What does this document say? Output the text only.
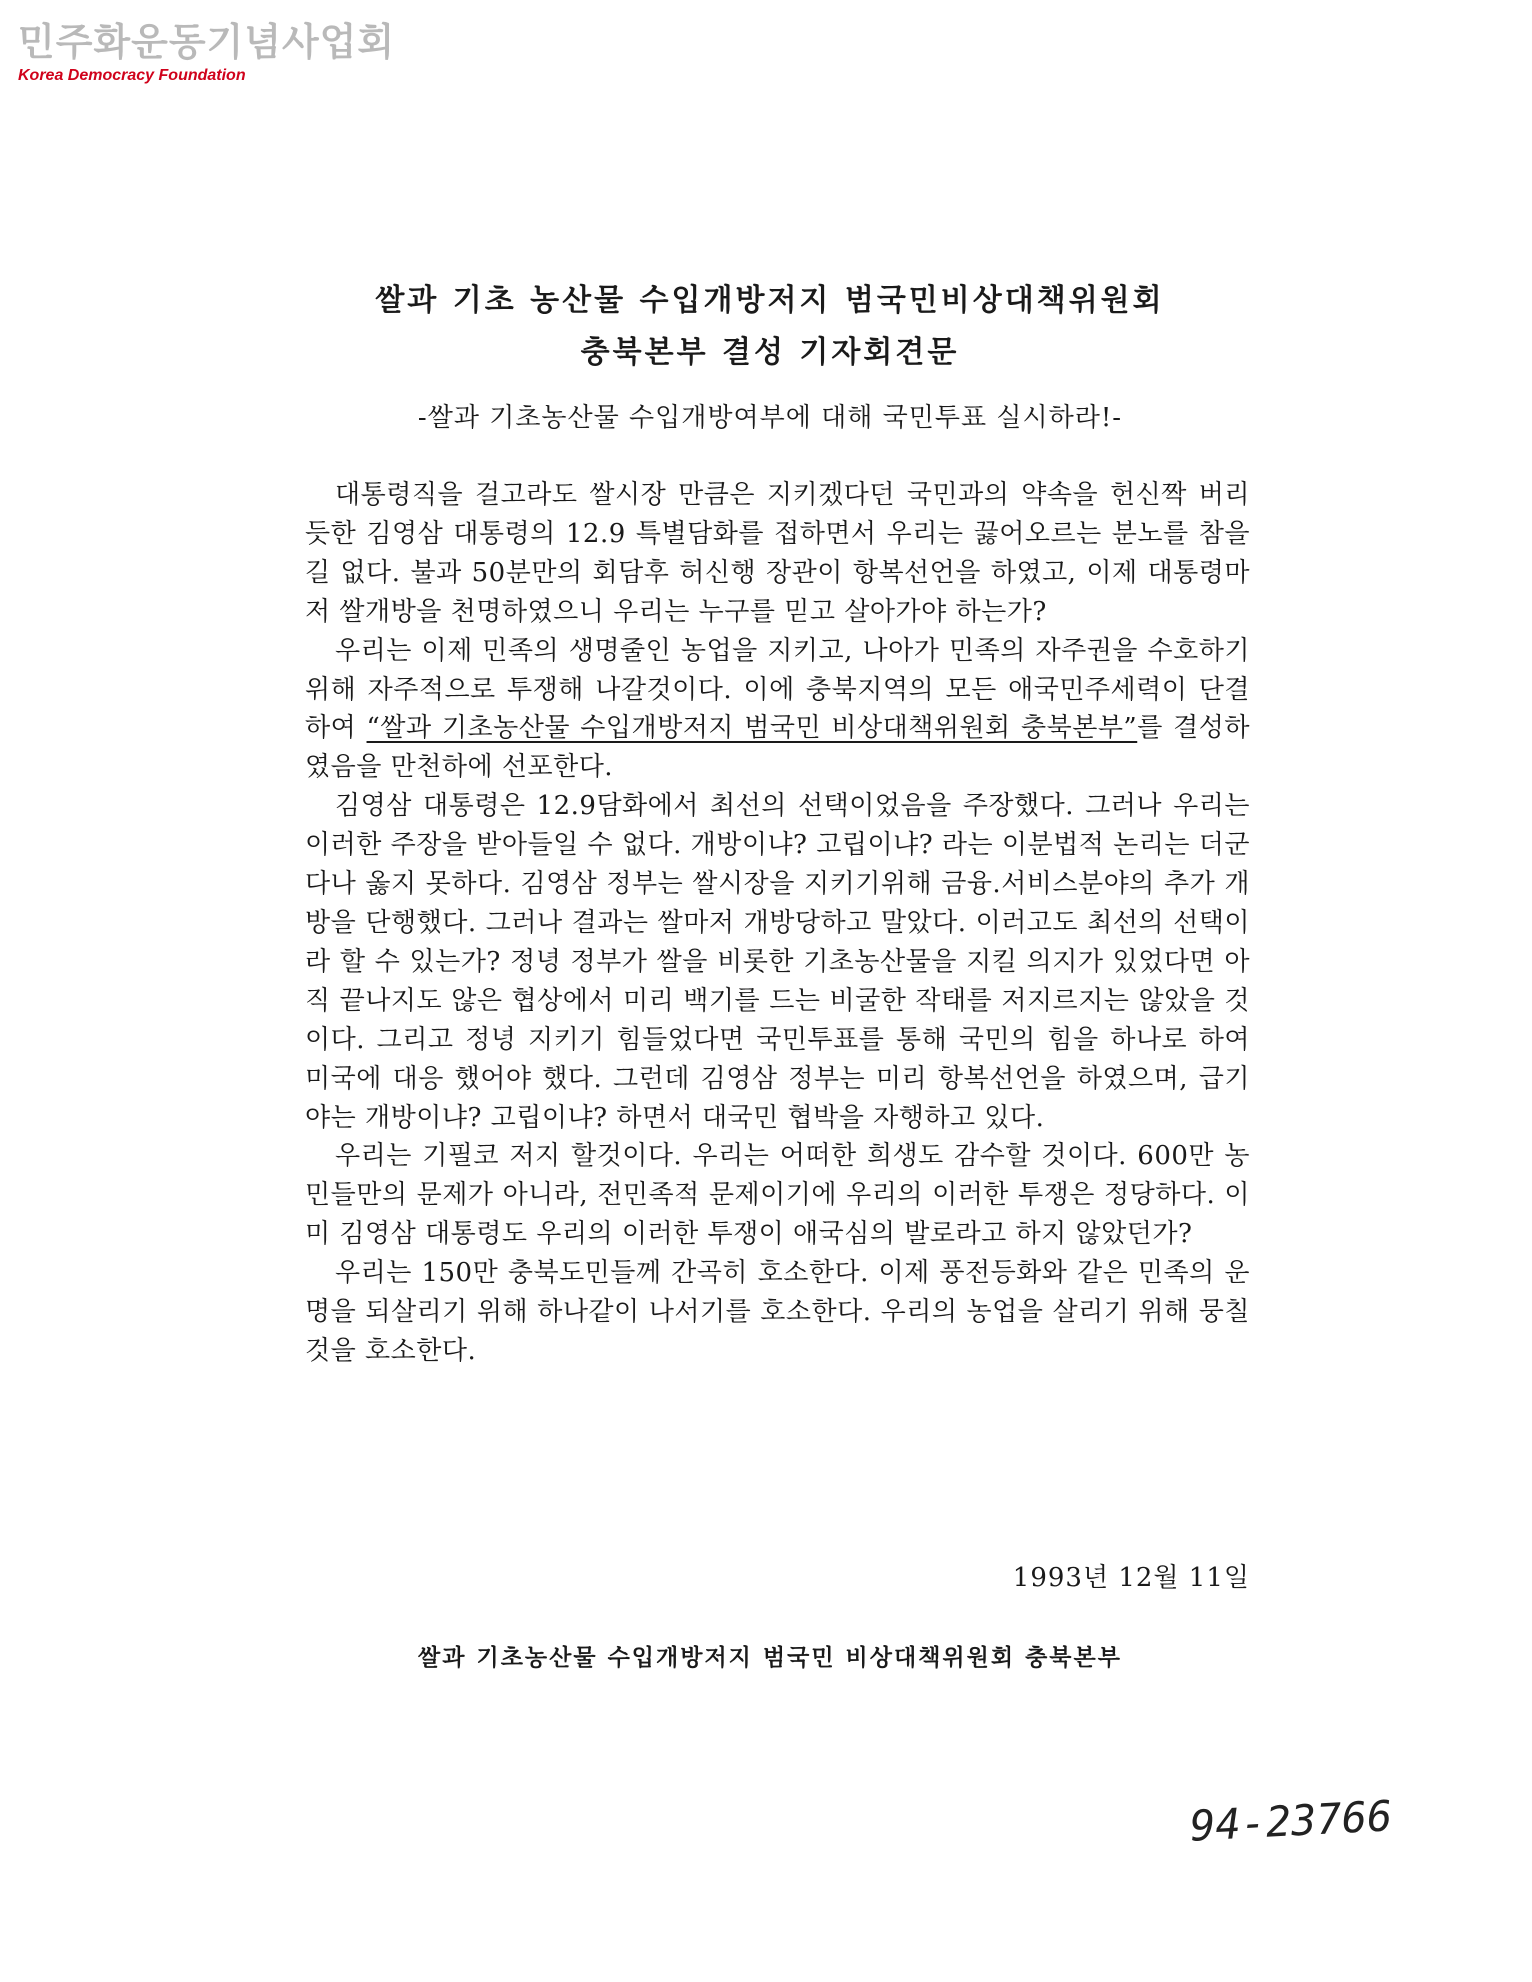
민주화운동기념사업회
Korea Democracy Foundation
쌀과 기초 농산물 수입개방저지 범국민비상대책위원회
충북본부 결성 기자회견문

-쌀과 기초농산물 수입개방여부에 대해 국민투표 실시하라!-

대통령직을 걸고라도 쌀시장 만큼은 지키겠다던 국민과의 약속을 헌신짝 버리듯한 김영삼 대통령의 12.9 특별담화를 접하면서 우리는 끓어오르는 분노를 참을길 없다. 불과 50분만의 회담후 허신행 장관이 항복선언을 하였고, 이제 대통령마저 쌀개방을 천명하였으니 우리는 누구를 믿고 살아가야 하는가?

우리는 이제 민족의 생명줄인 농업을 지키고, 나아가 민족의 자주권을 수호하기위해 자주적으로 투쟁해 나갈것이다. 이에 충북지역의 모든 애국민주세력이 단결하여 “쌀과 기초농산물 수입개방저지 범국민 비상대책위원회 충북본부”를 결성하였음을 만천하에 선포한다.

김영삼 대통령은 12.9담화에서 최선의 선택이었음을 주장했다. 그러나 우리는 이러한 주장을 받아들일 수 없다. 개방이냐? 고립이냐? 라는 이분법적 논리는 더군다나 옳지 못하다. 김영삼 정부는 쌀시장을 지키기위해 금융.서비스분야의 추가 개방을 단행했다. 그러나 결과는 쌀마저 개방당하고 말았다. 이러고도 최선의 선택이라 할 수 있는가? 정녕 정부가 쌀을 비롯한 기초농산물을 지킬 의지가 있었다면 아직 끝나지도 않은 협상에서 미리 백기를 드는 비굴한 작태를 저지르지는 않았을 것이다. 그리고 정녕 지키기 힘들었다면 국민투표를 통해 국민의 힘을 하나로 하여 미국에 대응 했어야 했다. 그런데 김영삼 정부는 미리 항복선언을 하였으며, 급기야는 개방이냐? 고립이냐? 하면서 대국민 협박을 자행하고 있다.

우리는 기필코 저지 할것이다. 우리는 어떠한 희생도 감수할 것이다. 600만 농민들만의 문제가 아니라, 전민족적 문제이기에 우리의 이러한 투쟁은 정당하다. 이미 김영삼 대통령도 우리의 이러한 투쟁이 애국심의 발로라고 하지 않았던가?

우리는 150만 충북도민들께 간곡히 호소한다. 이제 풍전등화와 같은 민족의 운명을 되살리기 위해 하나같이 나서기를 호소한다. 우리의 농업을 살리기 위해 뭉칠것을 호소한다.

1993년 12월 11일

쌀과 기초농산물 수입개방저지 범국민 비상대책위원회 충북본부

94-23766
